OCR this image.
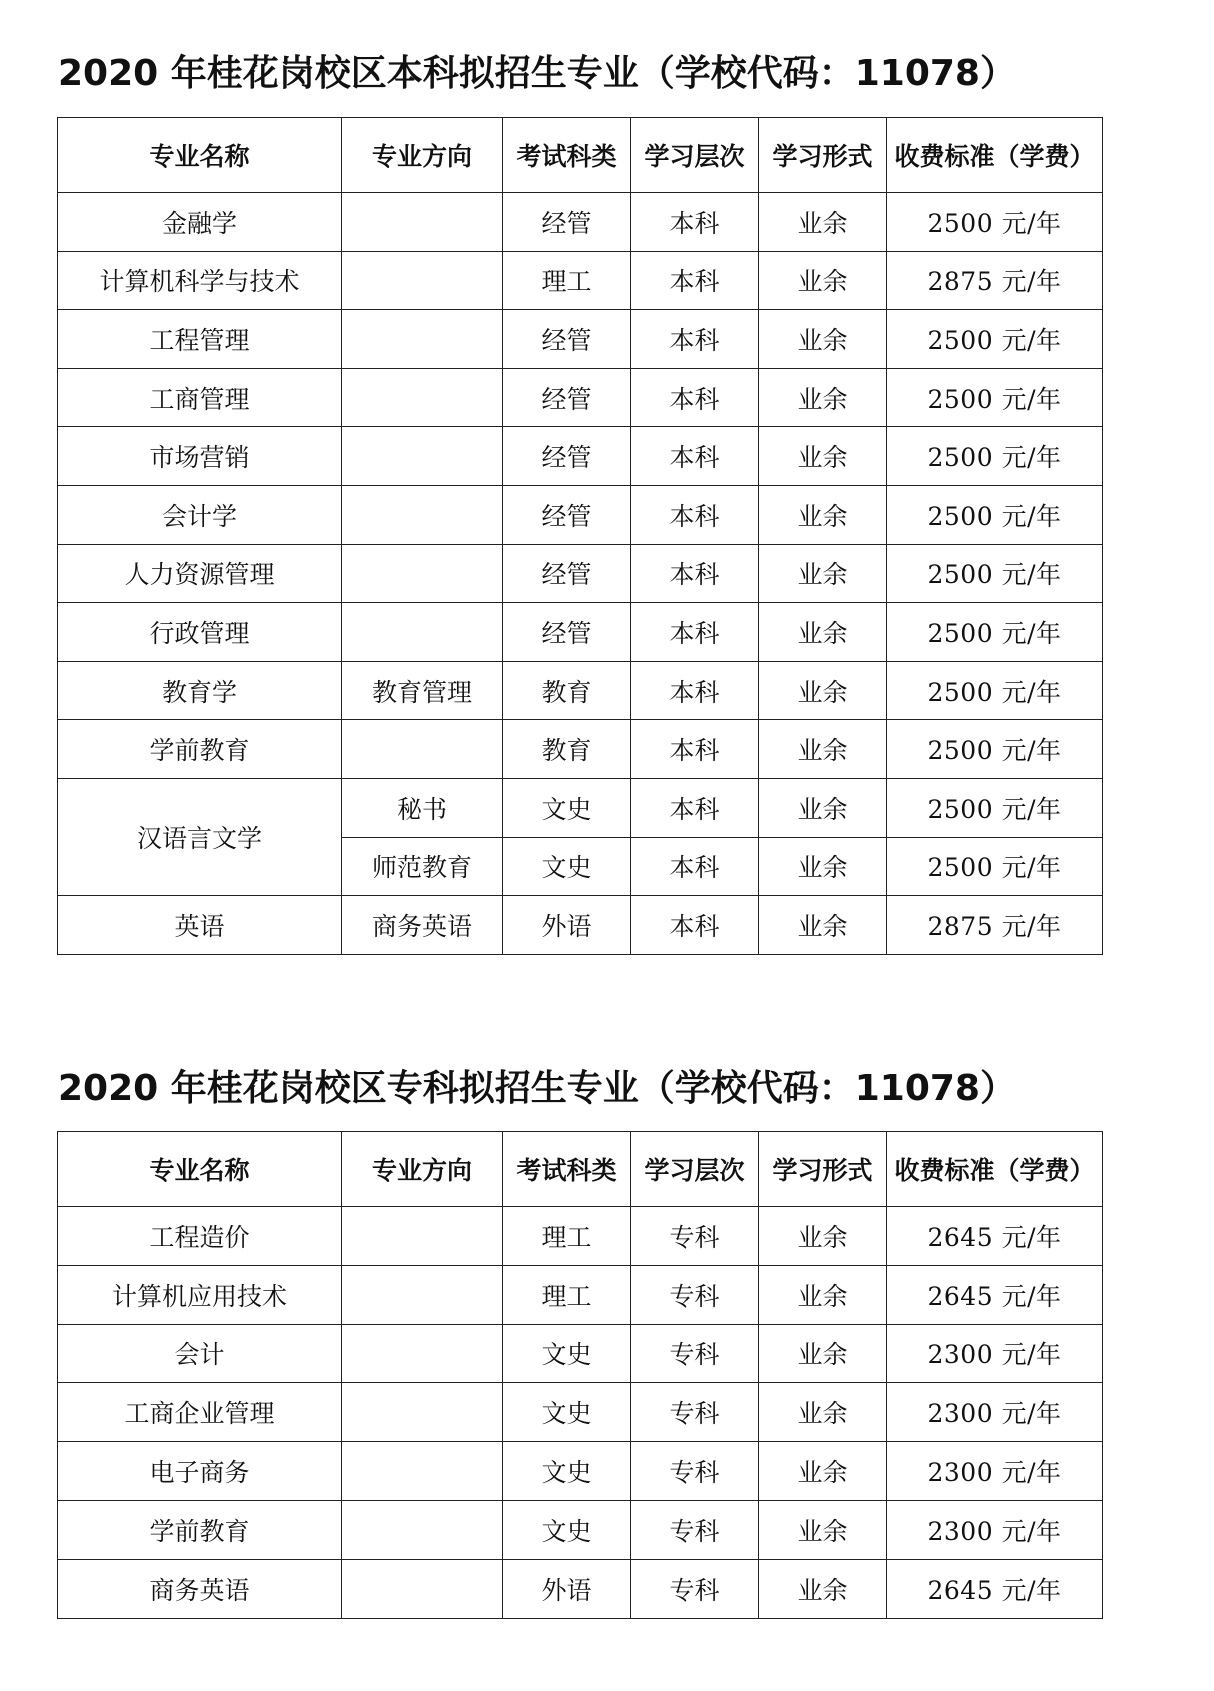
2020 年桂花岗校区本科拟招生专业（学校代码：11078）
专业名称	专业方向	考试科类	学习层次	学习形式	收费标准（学费）
金融学		经管	本科	业余	2500 元/年
计算机科学与技术		理工	本科	业余	2875 元/年
工程管理		经管	本科	业余	2500 元/年
工商管理		经管	本科	业余	2500 元/年
市场营销		经管	本科	业余	2500 元/年
会计学		经管	本科	业余	2500 元/年
人力资源管理		经管	本科	业余	2500 元/年
行政管理		经管	本科	业余	2500 元/年
教育学	教育管理	教育	本科	业余	2500 元/年
学前教育		教育	本科	业余	2500 元/年
汉语言文学	秘书	文史	本科	业余	2500 元/年
	师范教育	文史	本科	业余	2500 元/年
英语	商务英语	外语	本科	业余	2875 元/年
2020 年桂花岗校区专科拟招生专业（学校代码：11078）
专业名称	专业方向	考试科类	学习层次	学习形式	收费标准（学费）
工程造价		理工	专科	业余	2645 元/年
计算机应用技术		理工	专科	业余	2645 元/年
会计		文史	专科	业余	2300 元/年
工商企业管理		文史	专科	业余	2300 元/年
电子商务		文史	专科	业余	2300 元/年
学前教育		文史	专科	业余	2300 元/年
商务英语		外语	专科	业余	2645 元/年
